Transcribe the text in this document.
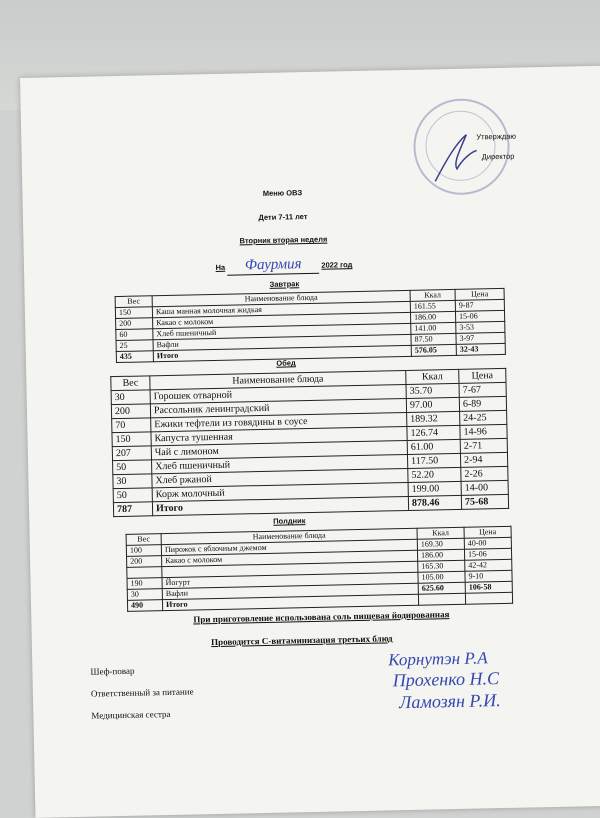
Утверждаю
Директор
Меню ОВЗ
Дети 7-11 лет
Вторник вторая неделя
На Фаурмия	2022 год
Завтрак
Вес	Наименование блюда	Ккал	Цена
150	Каша манная молочная жидкая	161.55	9-87
200	Какао с молоком	186.00	15-06
60	Хлеб пшеничный	141.00	3-53
25	Вафли	87.50	3-97
435	Итого	576.05	32-43
Обед
Вес	Наименование блюда	Ккал	Цена
30	Горошек отварной	35.70	7-67
200	Рассольник ленинградский	97.00	6-89
70	Ежики тефтели из говядины в соусе	189.32	24-25
150	Капуста тушенная	126.74	14-96
207	Чай с лимоном	61.00	2-71
50	Хлеб пшеничный	117.50	2-94
30	Хлеб ржаной	52.20	2-26
50	Корж молочный	199.00	14-00
787	Итого	878.46	75-68
Полдник
Вес	Наименование блюда	Ккал	Цена
100	Пирожок с яблочным джемом	169.30	40-00
200	Какао с молоком	186.00	15-06
		165.30	42-42
190	Йогурт	105.00	9-10
30	Вафли	625.60	106-58
490	Итого		
При приготовление использована соль пищевая йодированная
Проводится С-витаминизация третьих блюд
Шеф-повар
Ответственный за питание
Медицинская сестра
Корнутэн Р.А
Прохенко Н.С
Ламозян Р.И.
